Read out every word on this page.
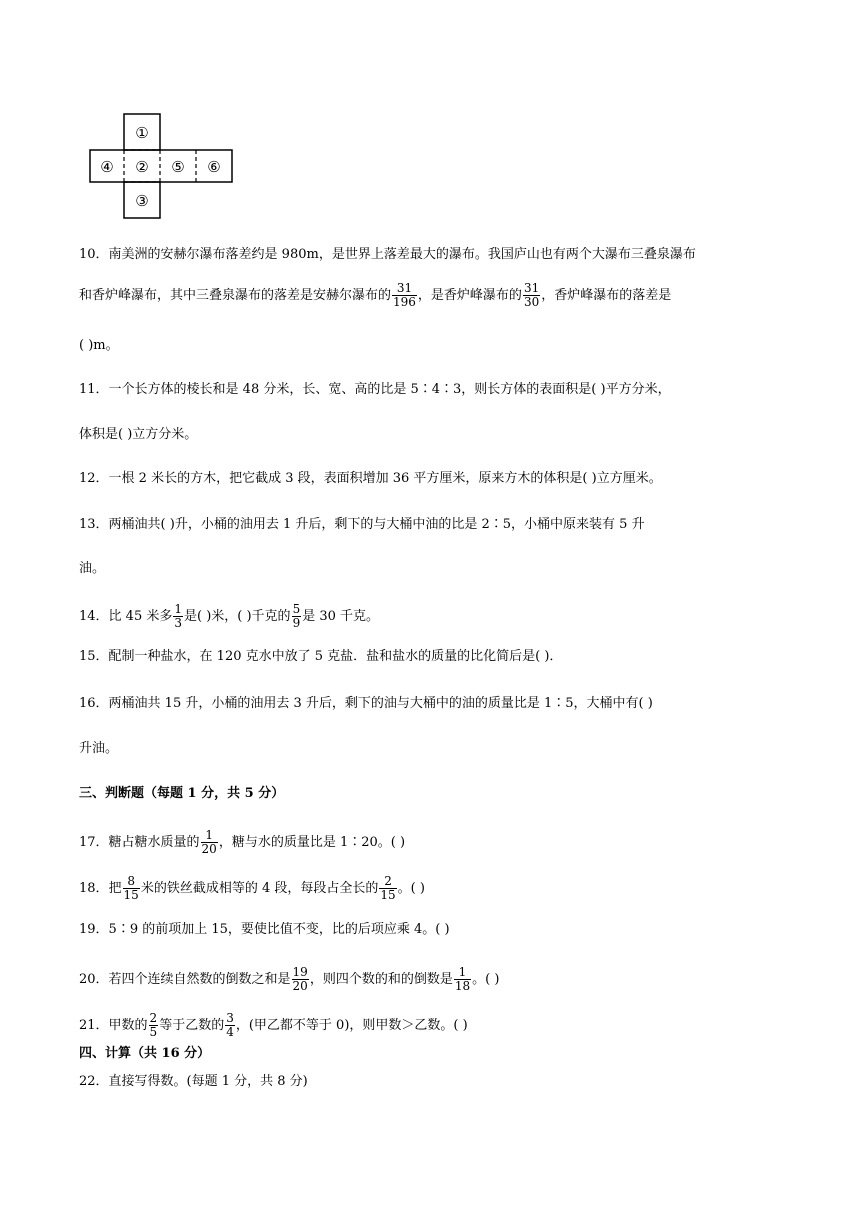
①
②
③
④	⑤ ⑥
10．南美洲的安赫尔瀑布落差约是 980m，是世界上落差最大的瀑布。我国庐山也有两个大瀑布三叠泉瀑布
和香炉峰瀑布，其中三叠泉瀑布的落差是安赫尔瀑布的 $\frac{31}{196}$ ，是香炉峰瀑布的 $\frac{31}{30}$ ，香炉峰瀑布的落差是
( )m。
11．一个长方体的棱长和是 48 分米，长、宽、高的比是 5∶4∶3，则长方体的表面积是( )平方分米，
体积是( )立方分米。
12．一根 2 米长的方木，把它截成 3 段，表面积增加 36 平方厘米，原来方木的体积是( )立方厘米。
13．两桶油共( )升，小桶的油用去 1 升后，剩下的与大桶中油的比是 2∶5，小桶中原来装有 5 升
油。
14．比 45 米多 $\frac{1}{3}$ 是( )米，( )千克的 $\frac{5}{9}$ 是 30 千克。
15．配制一种盐水，在 120 克水中放了 5 克盐．盐和盐水的质量的比化简后是( )．
16．两桶油共 15 升，小桶的油用去 3 升后，剩下的油与大桶中的油的质量比是 1∶5，大桶中有( )
升油。
三、判断题（每题 1 分，共 5 分）
17．糖占糖水质量的 $\frac{1}{20}$ ，糖与水的质量比是 1∶20。( )
18．把 $\frac{8}{15}$ 米的铁丝截成相等的 4 段，每段占全长的 $\frac{2}{15}$ 。( )
19．5∶9 的前项加上 15，要使比值不变，比的后项应乘 4。( )
20．若四个连续自然数的倒数之和是 $\frac{19}{20}$ ，则四个数的和的倒数是 $\frac{1}{18}$ 。( )
21．甲数的 $\frac{2}{5}$ 等于乙数的 $\frac{3}{4}$ ，(甲乙都不等于 0)，则甲数＞乙数。( )
四、计算（共 16 分）
22．直接写得数。(每题 1 分，共 8 分)
